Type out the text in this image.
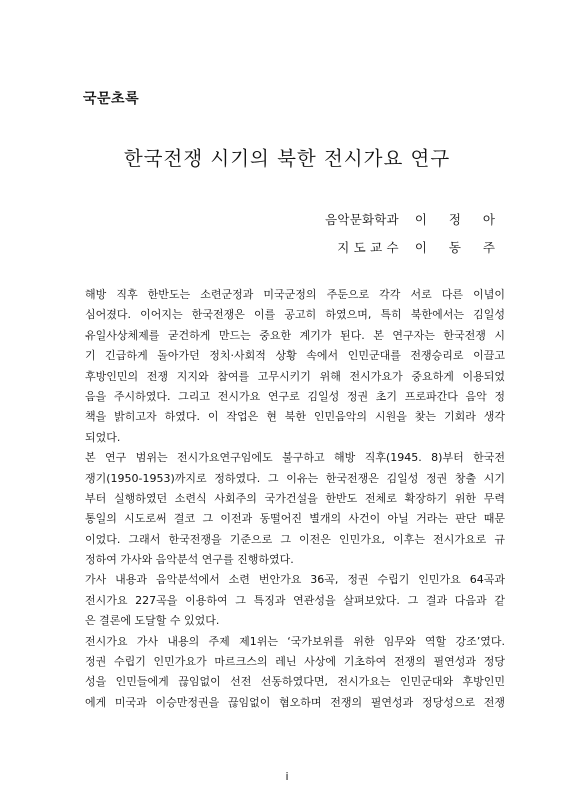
국문초록
한국전쟁 시기의 북한 전시가요 연구
음악문화학과 이 정 아
지 도 교 수 이 동 주
해방 직후 한반도는 소련군정과 미국군정의 주둔으로 각각 서로 다른 이념이
심어졌다. 이어지는 한국전쟁은 이를 공고히 하였으며, 특히 북한에서는 김일성
유일사상체제를 굳건하게 만드는 중요한 계기가 된다. 본 연구자는 한국전쟁 시
기 긴급하게 돌아가던 정치·사회적 상황 속에서 인민군대를 전쟁승리로 이끌고
후방인민의 전쟁 지지와 참여를 고무시키기 위해 전시가요가 중요하게 이용되었
음을 주시하였다. 그리고 전시가요 연구로 김일성 정권 초기 프로파간다 음악 정
책을 밝히고자 하였다. 이 작업은 현 북한 인민음악의 시원을 찾는 기회라 생각
되었다.
본 연구 범위는 전시가요연구임에도 불구하고 해방 직후(1945. 8)부터 한국전
쟁기(1950-1953)까지로 정하였다. 그 이유는 한국전쟁은 김일성 정권 창출 시기
부터 실행하였던 소련식 사회주의 국가건설을 한반도 전체로 확장하기 위한 무력
통일의 시도로써 결코 그 이전과 동떨어진 별개의 사건이 아닐 거라는 판단 때문
이었다. 그래서 한국전쟁을 기준으로 그 이전은 인민가요, 이후는 전시가요로 규
정하여 가사와 음악분석 연구를 진행하였다.
가사 내용과 음악분석에서 소련 번안가요 36곡, 정권 수립기 인민가요 64곡과
전시가요 227곡을 이용하여 그 특징과 연관성을 살펴보았다. 그 결과 다음과 같
은 결론에 도달할 수 있었다.
전시가요 가사 내용의 주제 제1위는 ‘국가보위를 위한 임무와 역할 강조’였다.
정권 수립기 인민가요가 마르크스의 레닌 사상에 기초하여 전쟁의 필연성과 정당
성을 인민들에게 끊임없이 선전 선동하였다면, 전시가요는 인민군대와 후방인민
에게 미국과 이승만정권을 끊임없이 혐오하며 전쟁의 필연성과 정당성으로 전쟁
i
